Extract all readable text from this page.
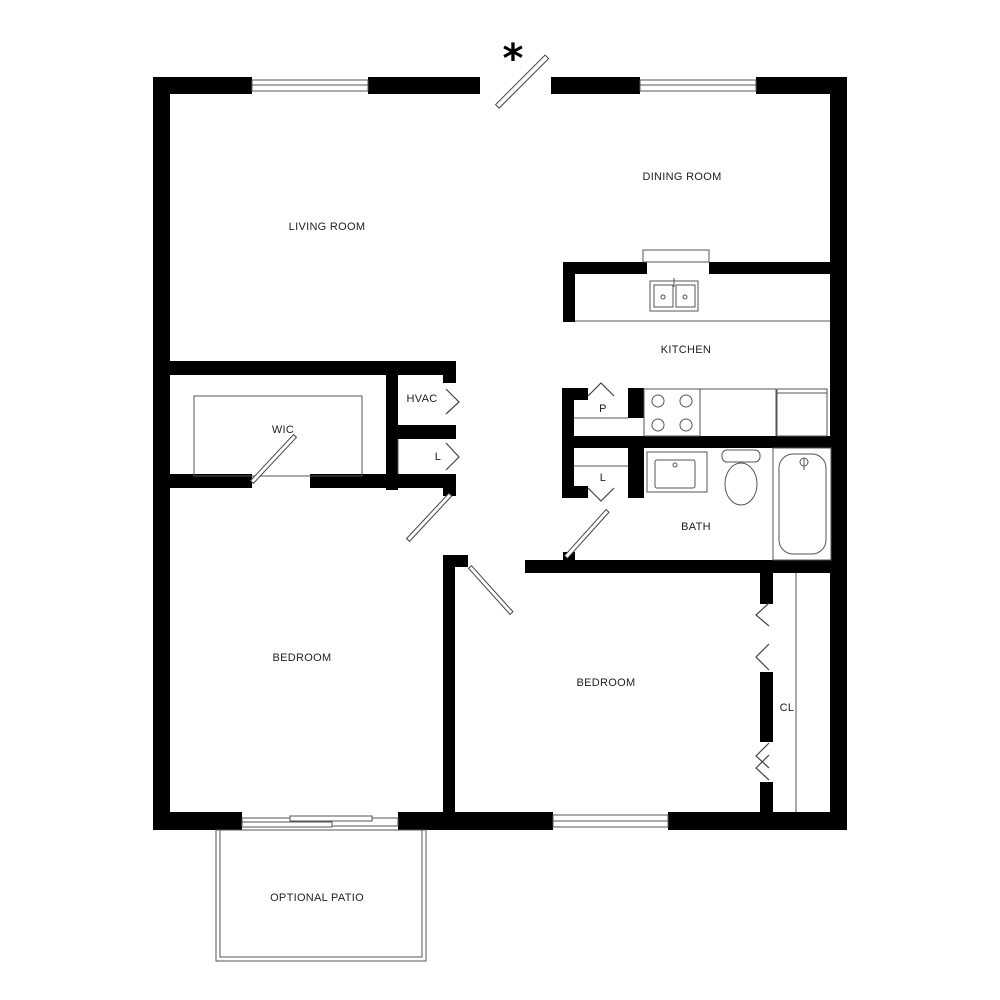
*
LIVING ROOM
DINING ROOM
KITCHEN
WIC
HVAC
P
L
L
BATH
BEDROOM
BEDROOM
CL
OPTIONAL PATIO
